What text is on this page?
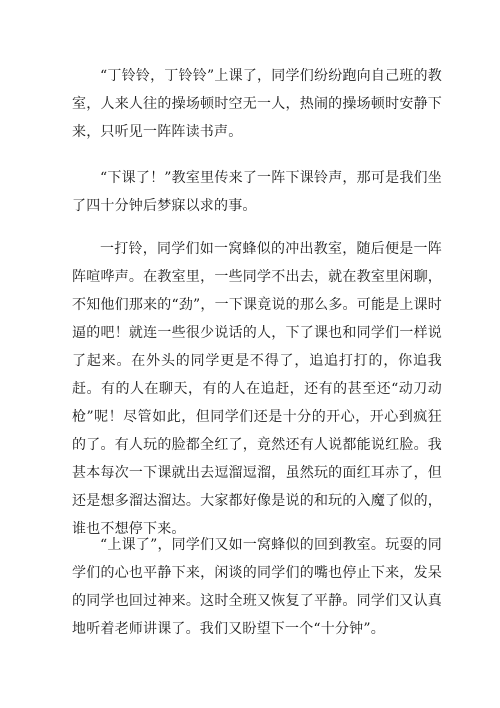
“丁铃铃，丁铃铃”上课了，同学们纷纷跑向自己班的教室，人来人往的操场顿时空无一人，热闹的操场顿时安静下来，只听见一阵阵读书声。

“下课了！”教室里传来了一阵下课铃声，那可是我们坐了四十分钟后梦寐以求的事。

一打铃，同学们如一窝蜂似的冲出教室，随后便是一阵阵喧哗声。在教室里，一些同学不出去，就在教室里闲聊，不知他们那来的“劲”，一下课竟说的那么多。可能是上课时逼的吧！就连一些很少说话的人，下了课也和同学们一样说了起来。在外头的同学更是不得了，追追打打的，你追我赶。有的人在聊天，有的人在追赶，还有的甚至还“动刀动枪”呢！尽管如此，但同学们还是十分的开心，开心到疯狂的了。有人玩的脸都全红了，竟然还有人说都能说红脸。我甚本每次一下课就出去逗溜逗溜，虽然玩的面红耳赤了，但还是想多溜达溜达。大家都好像是说的和玩的入魔了似的，谁也不想停下来。

“上课了”，同学们又如一窝蜂似的回到教室。玩耍的同学们的心也平静下来，闲谈的同学们的嘴也停止下来，发呆的同学也回过神来。这时全班又恢复了平静。同学们又认真地听着老师讲课了。我们又盼望下一个“十分钟”。
